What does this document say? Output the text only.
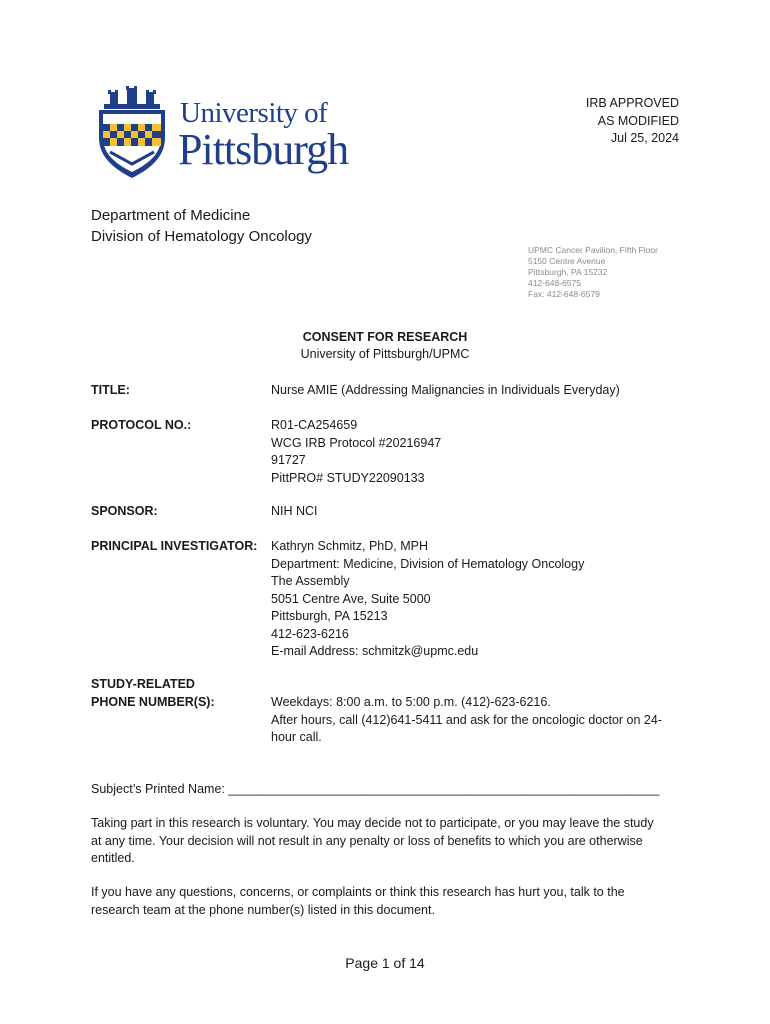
University of
Pittsburgh
IRB APPROVED
AS MODIFIED
Jul 25, 2024
Department of Medicine
Division of Hematology Oncology
UPMC Cancer Pavilion, Fifth Floor
5150 Centre Avenue
Pittsburgh, PA 15232
412-648-6575
Fax: 412-648-6579
CONSENT FOR RESEARCH
University of Pittsburgh/UPMC
TITLE:	Nurse AMIE (Addressing Malignancies in Individuals Everyday)
PROTOCOL NO.:	R01-CA254659
WCG IRB Protocol #20216947
91727
PittPRO# STUDY22090133
SPONSOR:	NIH NCI
PRINCIPAL INVESTIGATOR: Kathryn Schmitz, PhD, MPH
Department: Medicine, Division of Hematology Oncology
The Assembly
5051 Centre Ave, Suite 5000
Pittsburgh, PA 15213
412-623-6216
E-mail Address: schmitzk@upmc.edu
STUDY-RELATED
PHONE NUMBER(S):	Weekdays: 8:00 a.m. to 5:00 p.m. (412)-623-6216.
After hours, call (412)641-5411 and ask for the oncologic doctor on 24-
hour call.
Subject’s Printed Name: ______________________________________________________________
Taking part in this research is voluntary. You may decide not to participate, or you may leave the study
at any time. Your decision will not result in any penalty or loss of benefits to which you are otherwise
entitled.
If you have any questions, concerns, or complaints or think this research has hurt you, talk to the
research team at the phone number(s) listed in this document.
Page 1 of 14
